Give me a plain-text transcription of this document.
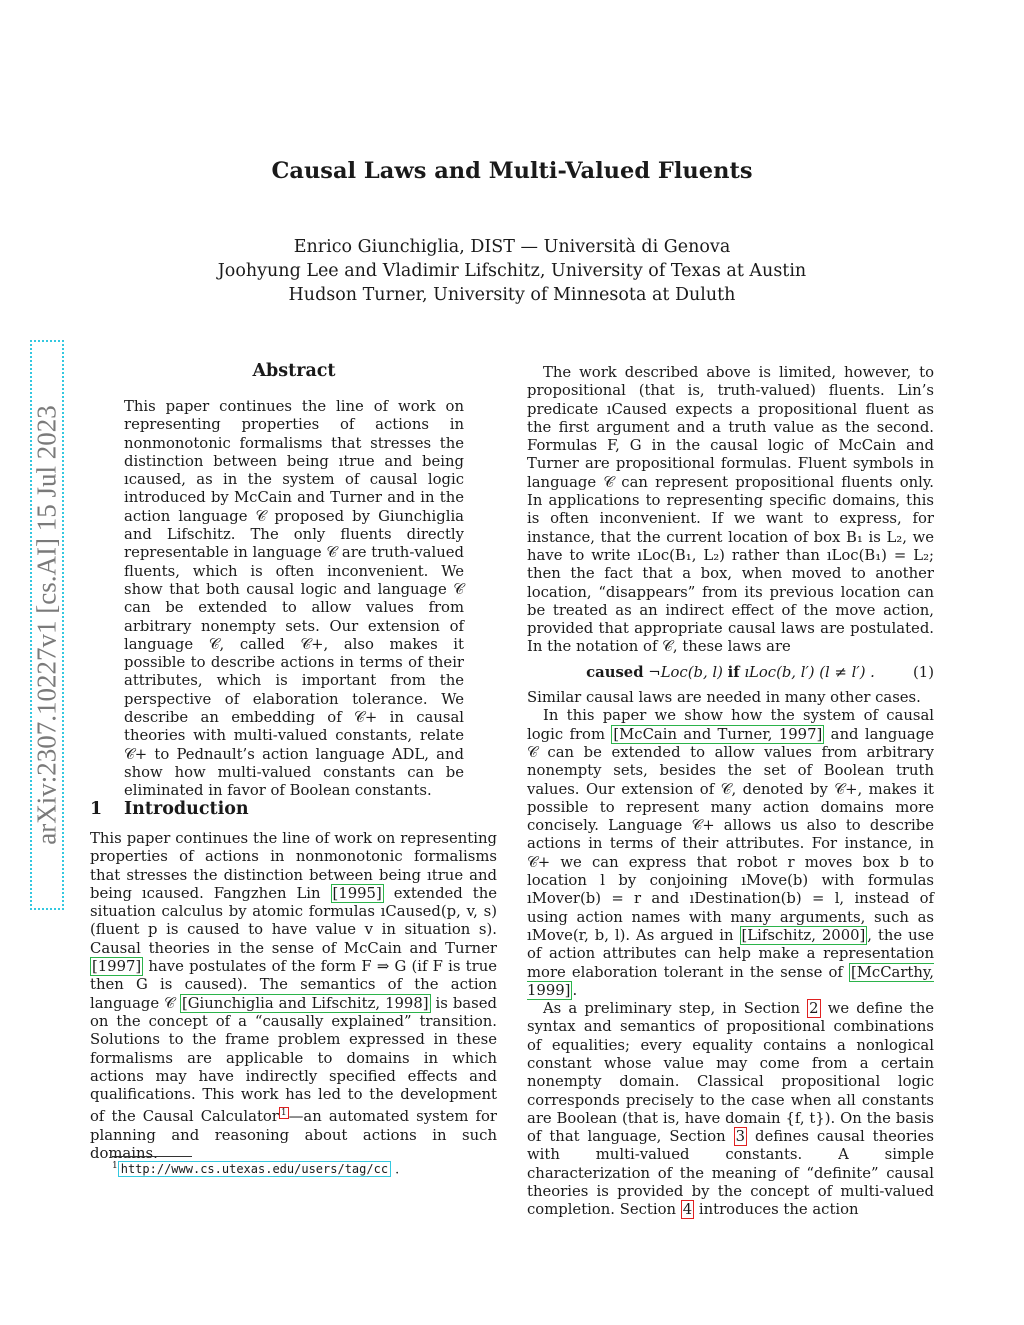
arXiv:2307.10227v1 [cs.AI] 15 Jul 2023
Causal Laws and Multi-Valued Fluents
Enrico Giunchiglia, DIST — Università di Genova
Joohyung Lee and Vladimir Lifschitz, University of Texas at Austin
Hudson Turner, University of Minnesota at Duluth
Abstract
This paper continues the line of work on representing properties of actions in nonmonotonic formalisms that stresses the distinction between being ıtrue and being ıcaused, as in the system of causal logic introduced by McCain and Turner and in the action language 𝒞 proposed by Giunchiglia and Lifschitz. The only fluents directly representable in language 𝒞 are truth-valued fluents, which is often inconvenient. We show that both causal logic and language 𝒞 can be extended to allow values from arbitrary nonempty sets. Our extension of language 𝒞, called 𝒞+, also makes it possible to describe actions in terms of their attributes, which is important from the perspective of elaboration tolerance. We describe an embedding of 𝒞+ in causal theories with multi-valued constants, relate 𝒞+ to Pednault’s action language ADL, and show how multi-valued constants can be eliminated in favor of Boolean constants.
1 Introduction
This paper continues the line of work on representing properties of actions in nonmonotonic formalisms that stresses the distinction between being ıtrue and being ıcaused. Fangzhen Lin [1995] extended the situation calculus by atomic formulas ıCaused(p, v, s) (fluent p is caused to have value v in situation s). Causal theories in the sense of McCain and Turner [1997] have postulates of the form F ⇒ G (if F is true then G is caused). The semantics of the action language 𝒞 [Giunchiglia and Lifschitz, 1998] is based on the concept of a “causally explained” transition. Solutions to the frame problem expressed in these formalisms are applicable to domains in which actions may have indirectly specified effects and qualifications. This work has led to the development of the Causal Calculator $^1$ —an automated system for planning and reasoning about actions in such domains.
$^1$ http://www.cs.utexas.edu/users/tag/cc .

The work described above is limited, however, to propositional (that is, truth-valued) fluents. Lin’s predicate ıCaused expects a propositional fluent as the first argument and a truth value as the second. Formulas F, G in the causal logic of McCain and Turner are propositional formulas. Fluent symbols in language 𝒞 can represent propositional fluents only. In applications to representing specific domains, this is often inconvenient. If we want to express, for instance, that the current location of box B₁ is L₂, we have to write ıLoc(B₁, L₂) rather than ıLoc(B₁) = L₂; then the fact that a box, when moved to another location, “disappears” from its previous location can be treated as an indirect effect of the move action, provided that appropriate causal laws are postulated. In the notation of 𝒞, these laws are

caused ¬Loc(b, l) if ıLoc(b, l′) (l ≠ l′) .	(1)

Similar causal laws are needed in many other cases.

In this paper we show how the system of causal logic from [McCain and Turner, 1997] and language 𝒞 can be extended to allow values from arbitrary nonempty sets, besides the set of Boolean truth values. Our extension of 𝒞, denoted by 𝒞+, makes it possible to represent many action domains more concisely. Language 𝒞+ allows us also to describe actions in terms of their attributes. For instance, in 𝒞+ we can express that robot r moves box b to location l by conjoining ıMove(b) with formulas ıMover(b) = r and ıDestination(b) = l, instead of using action names with many arguments, such as ıMove(r, b, l). As argued in [Lifschitz, 2000] , the use of action attributes can help make a representation more elaboration tolerant in the sense of [McCarthy, 1999] .

As a preliminary step, in Section 2 we define the syntax and semantics of propositional combinations of equalities; every equality contains a nonlogical constant whose value may come from a certain nonempty domain. Classical propositional logic corresponds precisely to the case when all constants are Boolean (that is, have domain {f, t}). On the basis of that language, Section 3 defines causal theories with multi-valued constants. A simple characterization of the meaning of “definite” causal theories is provided by the concept of multi-valued completion. Section 4 introduces the action
